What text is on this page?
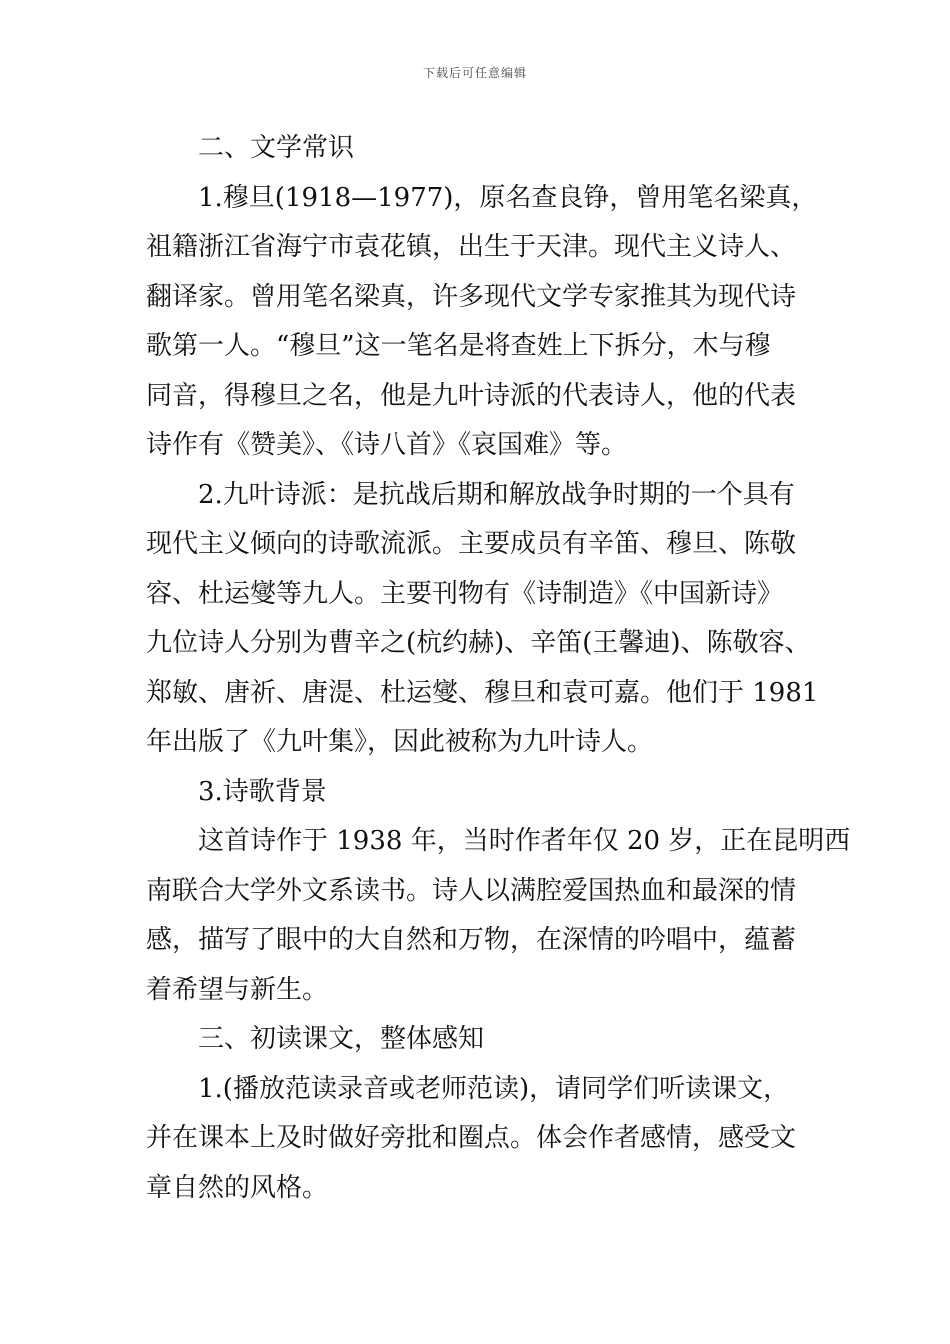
下载后可任意编辑
二、文学常识
1.穆旦(1918—1977)，原名查良铮，曾用笔名梁真，
祖籍浙江省海宁市袁花镇，出生于天津。现代主义诗人、
翻译家。曾用笔名梁真，许多现代文学专家推其为现代诗
歌第一人。“穆旦”这一笔名是将查姓上下拆分，木与穆
同音，得穆旦之名，他是九叶诗派的代表诗人，他的代表
诗作有《赞美》、《诗八首》《哀国难》等。
2.九叶诗派：是抗战后期和解放战争时期的一个具有
现代主义倾向的诗歌流派。主要成员有辛笛、穆旦、陈敬
容、杜运燮等九人。主要刊物有《诗制造》《中国新诗》
九位诗人分别为曹辛之(杭约赫)、辛笛(王馨迪)、陈敬容、
郑敏、唐祈、唐湜、杜运燮、穆旦和袁可嘉。他们于 1981
年出版了《九叶集》，因此被称为九叶诗人。
3.诗歌背景
这首诗作于 1938 年，当时作者年仅 20 岁，正在昆明西
南联合大学外文系读书。诗人以满腔爱国热血和最深的情
感，描写了眼中的大自然和万物，在深情的吟唱中，蕴蓄
着希望与新生。
三、初读课文，整体感知
1.(播放范读录音或老师范读)，请同学们听读课文，
并在课本上及时做好旁批和圈点。体会作者感情，感受文
章自然的风格。
